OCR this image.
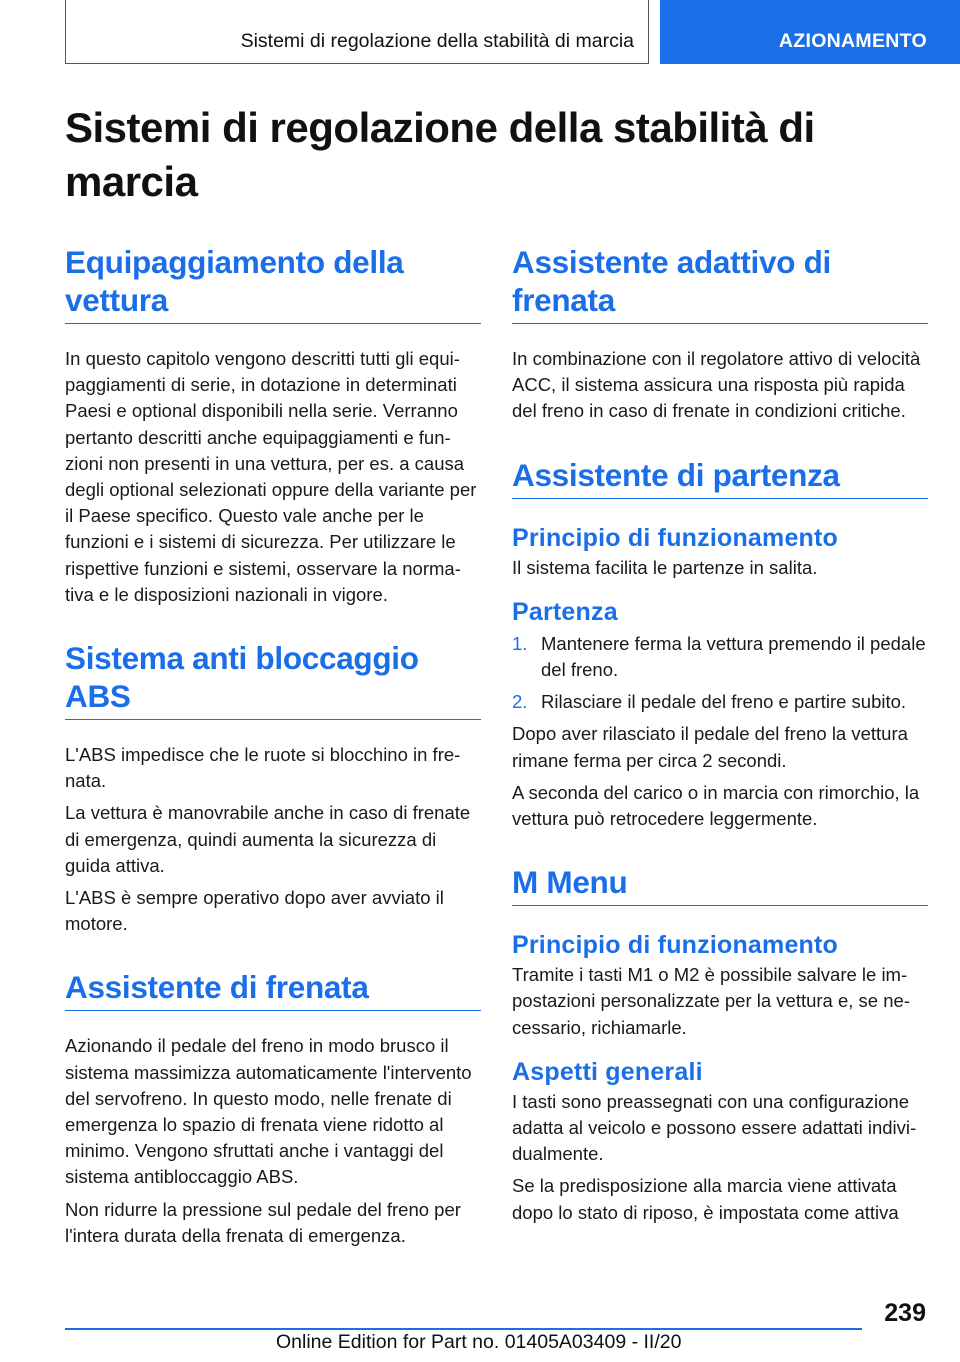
Sistemi di regolazione della stabilità di marcia	AZIONAMENTO
Sistemi di regolazione della stabilità di marcia
Equipaggiamento della vettura

In questo capitolo vengono descritti tutti gli equipaggiamenti di serie, in dotazione in determinati Paesi e optional disponibili nella serie. Verranno pertanto descritti anche equipaggiamenti e funzioni non presenti in una vettura, per es. a causa degli optional selezionati oppure della variante per il Paese specifico. Questo vale anche per le funzioni e i sistemi di sicurezza. Per utilizzare le rispettive funzioni e sistemi, osservare la normativa e le disposizioni nazionali in vigore.

Sistema anti bloccaggio ABS

L'ABS impedisce che le ruote si blocchino in frenata.

La vettura è manovrabile anche in caso di frenate di emergenza, quindi aumenta la sicurezza di guida attiva.

L'ABS è sempre operativo dopo aver avviato il motore.

Assistente di frenata

Azionando il pedale del freno in modo brusco il sistema massimizza automaticamente l'intervento del servofreno. In questo modo, nelle frenate di emergenza lo spazio di frenata viene ridotto al minimo. Vengono sfruttati anche i vantaggi del sistema antibloccaggio ABS.

Non ridurre la pressione sul pedale del freno per l'intera durata della frenata di emergenza.

Assistente adattivo di frenata

In combinazione con il regolatore attivo di velocità ACC, il sistema assicura una risposta più rapida del freno in caso di frenate in condizioni critiche.

Assistente di partenza
Principio di funzionamento

Il sistema facilita le partenze in salita.

Partenza
1. Mantenere ferma la vettura premendo il pedale del freno.
2. Rilasciare il pedale del freno e partire subito.

Dopo aver rilasciato il pedale del freno la vettura rimane ferma per circa 2 secondi.

A seconda del carico o in marcia con rimorchio, la vettura può retrocedere leggermente.

M Menu
Principio di funzionamento

Tramite i tasti M1 o M2 è possibile salvare le impostazioni personalizzate per la vettura e, se necessario, richiamarle.

Aspetti generali

I tasti sono preassegnati con una configurazione adatta al veicolo e possono essere adattati individualmente.

Se la predisposizione alla marcia viene attivata dopo lo stato di riposo, è impostata come attiva

239
Online Edition for Part no. 01405A03409 - II/20
